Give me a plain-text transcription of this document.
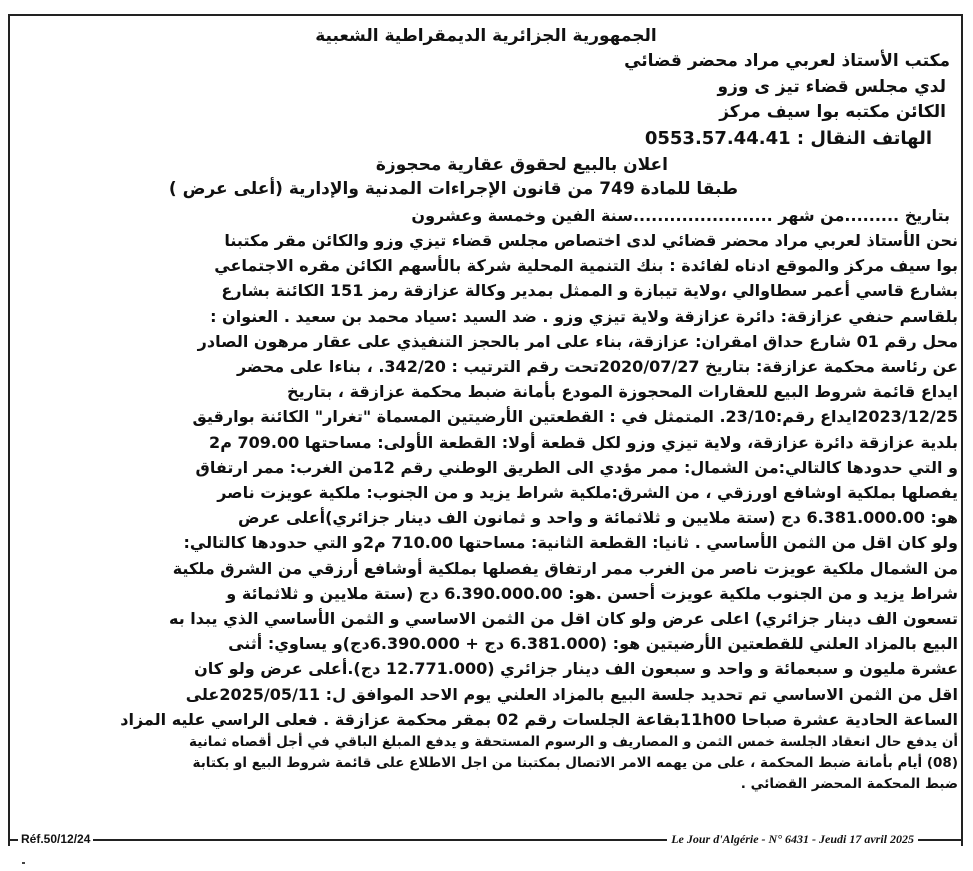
الجمهورية الجزائرية الديمقراطية الشعبية
مكتب الأستاذ لعربي مراد محضر قضائي
لدي مجلس قضاء تيز ى وزو
الكائن مكتبه بوا سيف مركز
الهاتف النقال : 0553.57.44.41
اعلان بالبيع لحقوق عقارية محجوزة
طبقا للمادة 749 من قانون الإجراءات المدنية والإدارية (أعلى عرض )
بتاريخ .........من شهر .......................سنة الفين وخمسة وعشرون
نحن الأستاذ لعربي مراد محضر قضائي لدى اختصاص مجلس قضاء تيزي وزو والكائن مقر مكتبنا
بوا سيف مركز والموقع ادناه لفائدة : بنك التنمية المحلية شركة بالأسهم الكائن مقره الاجتماعي
بشارع قاسي أعمر سطاوالي ،ولاية تيبازة و الممثل بمدير وكالة عزازقة رمز 151 الكائنة بشارع
بلقاسم حنفي عزازقة: دائرة عزازقة ولاية تيزي وزو . ضد السيد :سياد محمد بن سعيد . العنوان :
محل رقم 01 شارع حداق امقران: عزازقة، بناء على امر بالحجز التنفيذي على عقار مرهون الصادر
عن رئاسة محكمة عزازقة: بتاريخ 2020/07/27تحت رقم الترتيب : 342/20. ، بناءا على محضر
ايداع قائمة شروط البيع للعقارات المحجوزة المودع بأمانة ضبط محكمة عزازقة ، بتاريخ
2023/12/25ايداع رقم:23/10. المتمثل في : القطعتين الأرضيتين المسماة "تغرار" الكائنة بوارقيق
بلدية عزازقة دائرة عزازقة، ولاية تيزي وزو لكل قطعة أولا: القطعة الأولى: مساحتها 709.00 م2
و التي حدودها كالتالي:من الشمال: ممر مؤدي الى الطريق الوطني رقم 12من الغرب: ممر ارتفاق
يفصلها بملكية اوشافع اورزقي ، من الشرق:ملكية شراط يزيد و من الجنوب: ملكية عويزت ناصر
هو: 6.381.000.00 دج (ستة ملايين و ثلاثمائة و واحد و ثمانون الف دينار جزائري)أعلى عرض
ولو كان اقل من الثمن الأساسي . ثانيا: القطعة الثانية: مساحتها 710.00 م2و التي حدودها كالتالي:
من الشمال ملكية عويزت ناصر من الغرب ممر ارتفاق يفصلها بملكية أوشافع أرزقي من الشرق ملكية
شراط يزيد و من الجنوب ملكية عويزت أحسن .هو: 6.390.000.00 دج (ستة ملايين و ثلاثمائة و
تسعون الف دينار جزائري) اعلى عرض ولو كان اقل من الثمن الاساسي و الثمن الأساسي الذي يبدا به
البيع بالمزاد العلني للقطعتين الأرضيتين هو: (6.381.000 دج + 6.390.000دج)و يساوي: أثنى
عشرة مليون و سبعمائة و واحد و سبعون الف دينار جزائري (12.771.000 دج).أعلى عرض ولو كان
اقل من الثمن الاساسي تم تحديد جلسة البيع بالمزاد العلني يوم الاحد الموافق ل: 2025/05/11على
الساعة الحادية عشرة صباحا 11h00بقاعة الجلسات رقم 02 بمقر محكمة عزازقة . فعلى الراسي عليه المزاد
أن يدفع حال انعقاد الجلسة خمس الثمن و المصاريف و الرسوم المستحقة و يدفع المبلغ الباقي في أجل أقصاه ثمانية
(08) أيام بأمانة ضبط المحكمة ، على من يهمه الامر الاتصال بمكتبنا من اجل الاطلاع على قائمة شروط البيع او بكتابة
ضبط المحكمة المحضر القضائي .
Réf.50/12/24	Le Jour d'Algérie - N° 6431 - Jeudi 17 avril 2025
